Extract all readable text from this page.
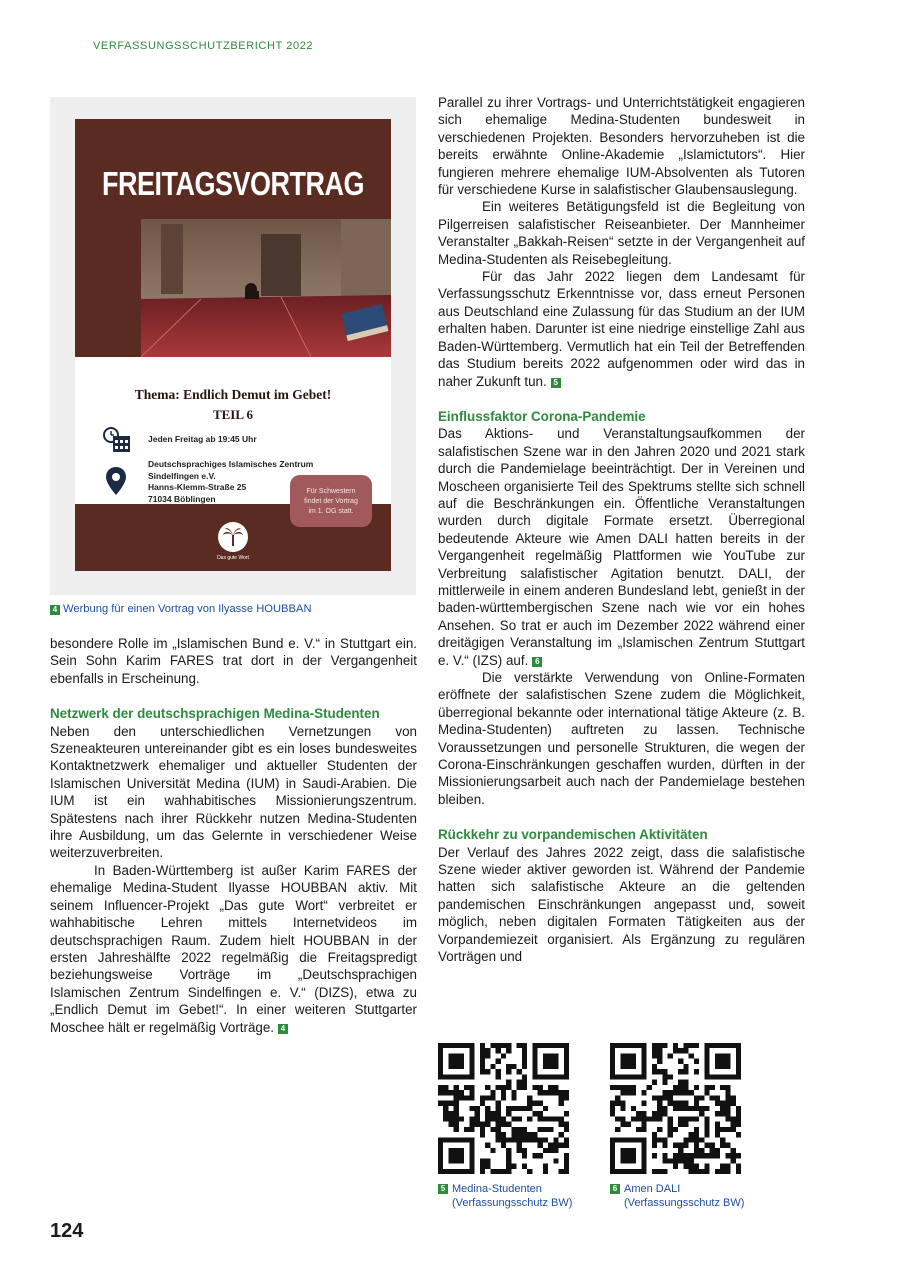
VERFASSUNGSSCHUTZBERICHT 2022
FREITAGSVORTRAG
Thema: Endlich Demut im Gebet!
TEIL 6
Jeden Freitag ab 19:45 Uhr
Deutschsprachiges Islamisches Zentrum
Sindelfingen e.V.
Hanns-Klemm-Straße 25
71034 Böblingen
Für Schwestern
findet der Vortrag
im 1. OG statt.
Das gute Wort
4 Werbung für einen Vortrag von Ilyasse HOUBBAN

besondere Rolle im „Islamischen Bund e. V.“ in Stuttgart ein. Sein Sohn Karim FARES trat dort in der Vergangenheit ebenfalls in Erscheinung.

Netzwerk der deutschsprachigen Medina-Studenten

Neben den unterschiedlichen Vernetzungen von Szeneakteuren untereinander gibt es ein loses bundesweites Kontaktnetzwerk ehemaliger und aktueller Studenten der Islamischen Universität Medina (IUM) in Saudi-Arabien. Die IUM ist ein wahhabitisches Missionierungszentrum. Spätestens nach ihrer Rückkehr nutzen Medina-Studenten ihre Ausbildung, um das Gelernte in verschiedener Weise weiterzuverbreiten.

In Baden-Württemberg ist außer Karim FARES der ehemalige Medina-Student Ilyasse HOUBBAN aktiv. Mit seinem Influencer-Projekt „Das gute Wort“ verbreitet er wahhabitische Lehren mittels Internetvideos im deutschsprachigen Raum. Zudem hielt HOUBBAN in der ersten Jahreshälfte 2022 regelmäßig die Freitagspredigt beziehungsweise Vorträge im „Deutschsprachigen Islamischen Zentrum Sindelfingen e. V.“ (DIZS), etwa zu „Endlich Demut im Gebet!“. In einer weiteren Stuttgarter Moschee hält er regelmäßig Vorträge. 4

Parallel zu ihrer Vortrags- und Unterrichtstätigkeit engagieren sich ehemalige Medina-Studenten bundesweit in verschiedenen Projekten. Besonders hervorzuheben ist die bereits erwähnte Online-Akademie „Islamictutors“. Hier fungieren mehrere ehemalige IUM-Absolventen als Tutoren für verschiedene Kurse in salafistischer Glaubensauslegung.

Ein weiteres Betätigungsfeld ist die Begleitung von Pilgerreisen salafistischer Reiseanbieter. Der Mannheimer Veranstalter „Bakkah-Reisen“ setzte in der Vergangenheit auf Medina-Studenten als Reisebegleitung.

Für das Jahr 2022 liegen dem Landesamt für Verfassungsschutz Erkenntnisse vor, dass erneut Personen aus Deutschland eine Zulassung für das Studium an der IUM erhalten haben. Darunter ist eine niedrige einstellige Zahl aus Baden-Württemberg. Vermutlich hat ein Teil der Betreffenden das Studium bereits 2022 aufgenommen oder wird das in naher Zukunft tun. 5

Einflussfaktor Corona-Pandemie

Das Aktions- und Veranstaltungsaufkommen der salafistischen Szene war in den Jahren 2020 und 2021 stark durch die Pandemielage beeinträchtigt. Der in Vereinen und Moscheen organisierte Teil des Spektrums stellte sich schnell auf die Beschränkungen ein. Öffentliche Veranstaltungen wurden durch digitale Formate ersetzt. Überregional bedeutende Akteure wie Amen DALI hatten bereits in der Vergangenheit regelmäßig Plattformen wie YouTube zur Verbreitung salafistischer Agitation benutzt. DALI, der mittlerweile in einem anderen Bundesland lebt, genießt in der baden-württembergischen Szene nach wie vor ein hohes Ansehen. So trat er auch im Dezember 2022 während einer dreitägigen Veranstaltung im „Islamischen Zentrum Stuttgart e. V.“ (IZS) auf. 6

Die verstärkte Verwendung von Online-Formaten eröffnete der salafistischen Szene zudem die Möglichkeit, überregional bekannte oder international tätige Akteure (z. B. Medina-Studenten) auftreten zu lassen. Technische Voraussetzungen und personelle Strukturen, die wegen der Corona-Einschränkungen geschaffen wurden, dürften in der Missionierungsarbeit auch nach der Pandemielage bestehen bleiben.

Rückkehr zu vorpandemischen Aktivitäten

Der Verlauf des Jahres 2022 zeigt, dass die salafistische Szene wieder aktiver geworden ist. Während der Pandemie hatten sich salafistische Akteure an die geltenden pandemischen Einschränkungen angepasst und, soweit möglich, neben digitalen Formaten Tätigkeiten aus der Vorpandemiezeit organisiert. Als Ergänzung zu regulären Vorträgen und

5 Medina-Studenten
(Verfassungsschutz BW)
6 Amen DALI
(Verfassungsschutz BW)
124
